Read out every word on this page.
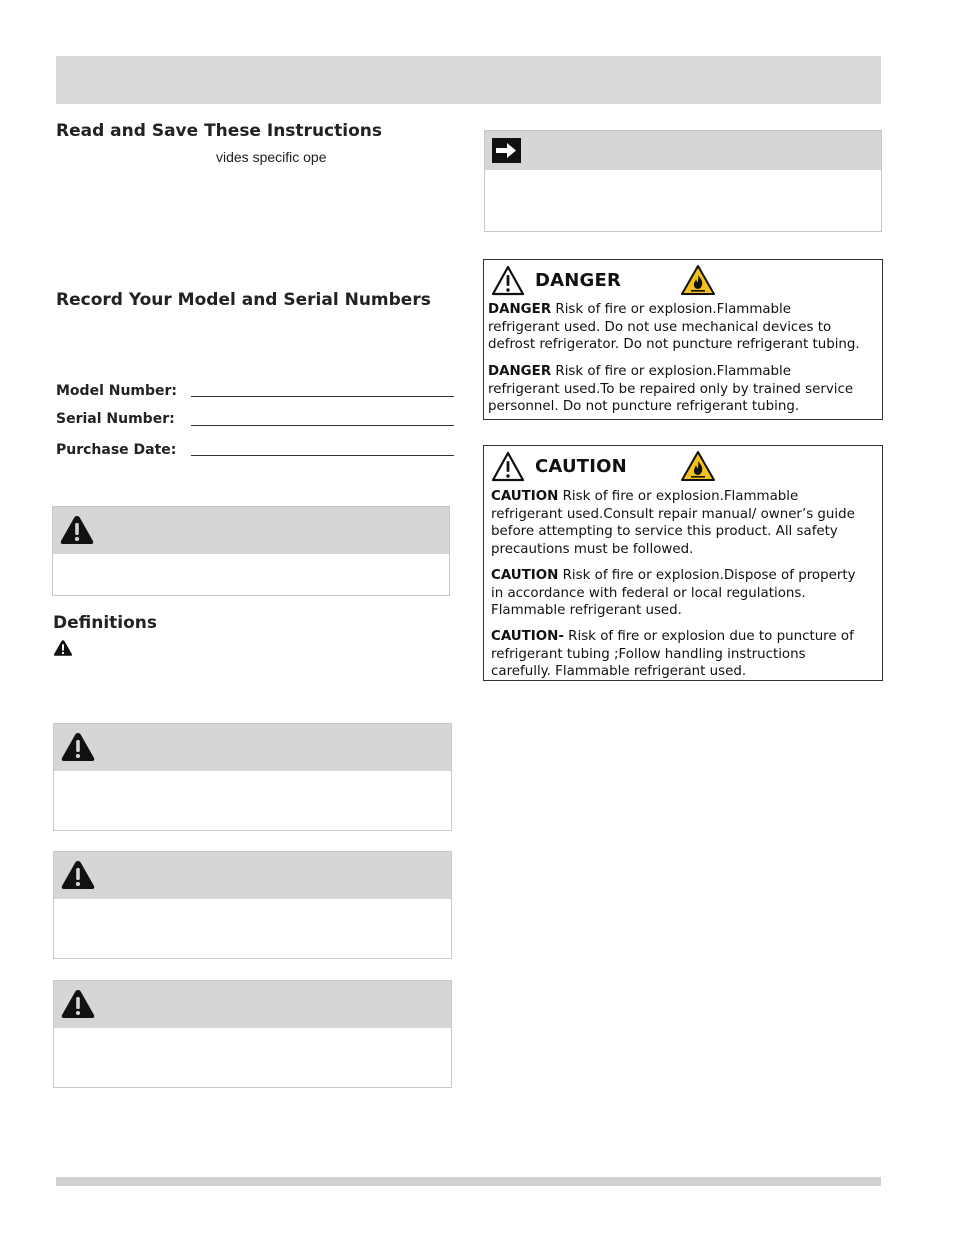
Read and Save These Instructions
vides specific ope
Record Your Model and Serial Numbers
Model Number:
Serial Number:
Purchase Date:
Definitions
DANGER

DANGER Risk of fire or explosion.Flammable
refrigerant used. Do not use mechanical devices to
defrost refrigerator. Do not puncture refrigerant tubing.

DANGER Risk of fire or explosion.Flammable
refrigerant used.To be repaired only by trained service
personnel. Do not puncture refrigerant tubing.

CAUTION

CAUTION Risk of fire or explosion.Flammable
refrigerant used.Consult repair manual/ owner’s guide
before attempting to service this product. All safety
precautions must be followed.

CAUTION Risk of fire or explosion.Dispose of property
in accordance with federal or local regulations.
Flammable refrigerant used.

CAUTION- Risk of fire or explosion due to puncture of
refrigerant tubing ;Follow handling instructions
carefully. Flammable refrigerant used.
